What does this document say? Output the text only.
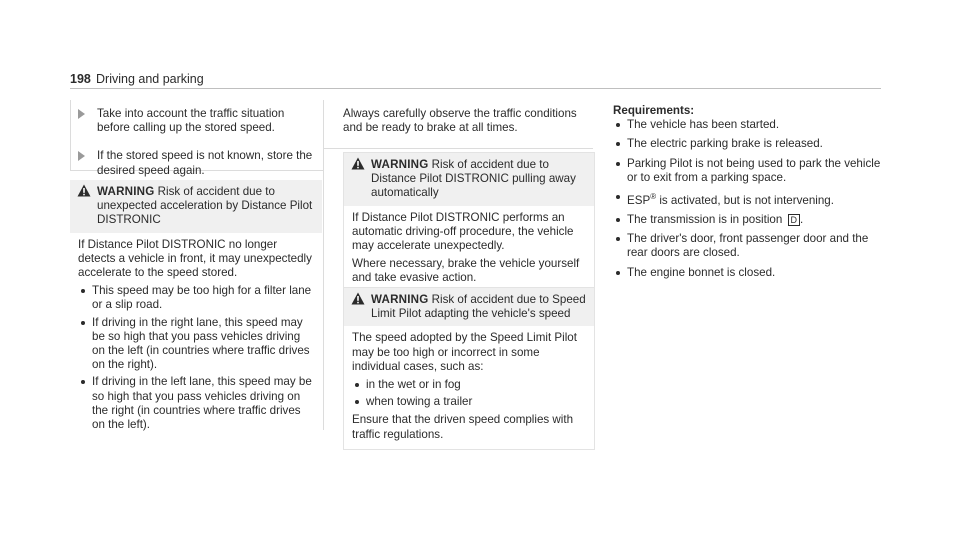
198 Driving and parking
Take into account the traffic situation before calling up the stored speed.
If the stored speed is not known, store the desired speed again.
WARNING Risk of accident due to unexpected acceleration by Distance Pilot DISTRONIC

If Distance Pilot DISTRONIC no longer detects a vehicle in front, it may unexpectedly accelerate to the speed stored.

This speed may be too high for a filter lane or a slip road.
If driving in the right lane, this speed may be so high that you pass vehicles driving on the left (in countries where traffic drives on the right).
If driving in the left lane, this speed may be so high that you pass vehicles driving on the right (in countries where traffic drives on the left).

Always carefully observe the traffic conditions and be ready to brake at all times.

WARNING Risk of accident due to Distance Pilot DISTRONIC pulling away automatically

If Distance Pilot DISTRONIC performs an automatic driving-off procedure, the vehicle may accelerate unexpectedly.

Where necessary, brake the vehicle yourself and take evasive action.

WARNING Risk of accident due to Speed Limit Pilot adapting the vehicle's speed

The speed adopted by the Speed Limit Pilot may be too high or incorrect in some individual cases, such as:

in the wet or in fog
when towing a trailer

Ensure that the driven speed complies with traffic regulations.

Requirements:
The vehicle has been started.
The electric parking brake is released.
Parking Pilot is not being used to park the vehicle or to exit from a parking space.
ESP® is activated, but is not intervening.
The transmission is in position D .
The driver's door, front passenger door and the rear doors are closed.
The engine bonnet is closed.
